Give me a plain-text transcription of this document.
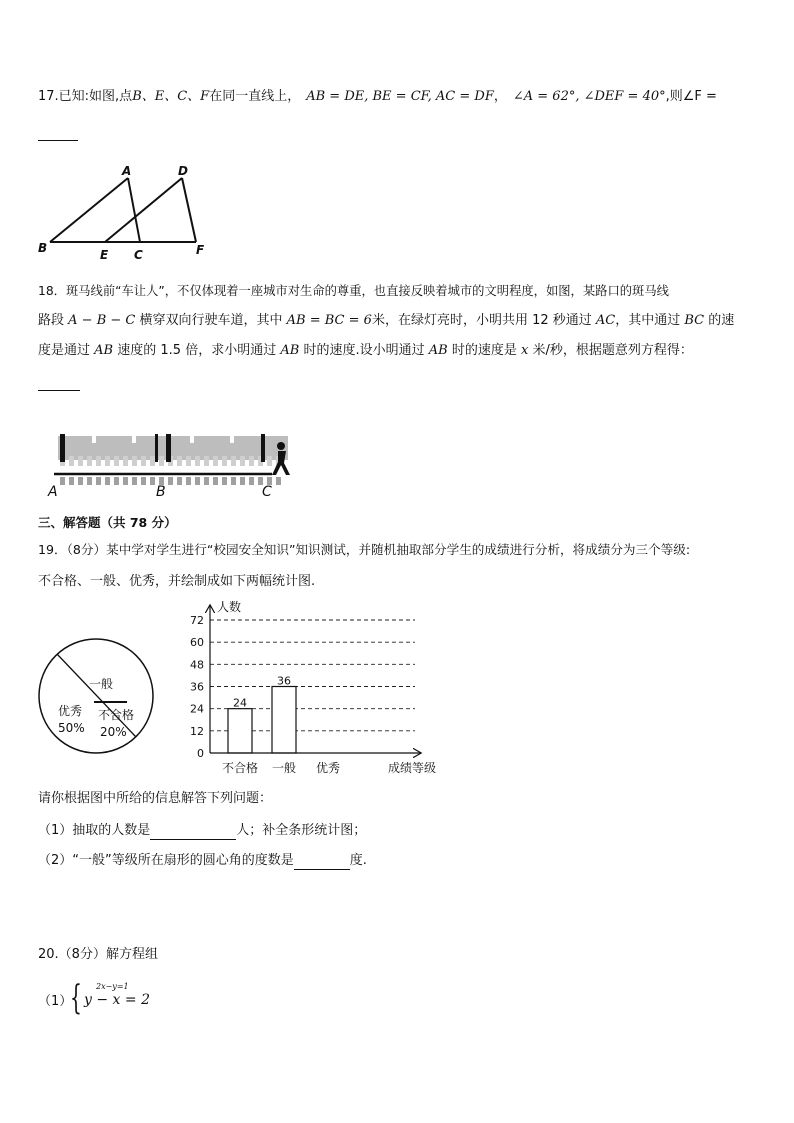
17.已知:如图,点B、E、C、F在同一直线上， AB = DE, BE = CF, AC = DF， ∠A = 62°, ∠DEF = 40°,则∠F =
A	D
B	E C	F
18．斑马线前“车让人”，不仅体现着一座城市对生命的尊重，也直接反映着城市的文明程度，如图，某路口的斑马线
路段 A − B − C 横穿双向行驶车道，其中 AB = BC = 6米，在绿灯亮时，小明共用 12 秒通过 AC，其中通过 BC 的速
度是通过 AB 速度的 1.5 倍，求小明通过 AB 时的速度.设小明通过 AB 时的速度是 x 米/秒，根据题意列方程得：
A	B	C
三、解答题（共 78 分）
19．（8分）某中学对学生进行“校园安全知识”知识测试，并随机抽取部分学生的成绩进行分析，将成绩分为三个等级:
不合格、一般、优秀，并绘制成如下两幅统计图.
一般
优秀
50%
不合格
20%
0
12
24
36
48
60
72
24
36
不合格 一般 优秀
人数
成绩等级
请你根据图中所给的信息解答下列问题：
（1）抽取的人数是	人；补全条形统计图；
（2）“一般”等级所在扇形的圆心角的度数是	度.
20.（8分）解方程组
（1）
{ 2x−y=1
y − x = 2
